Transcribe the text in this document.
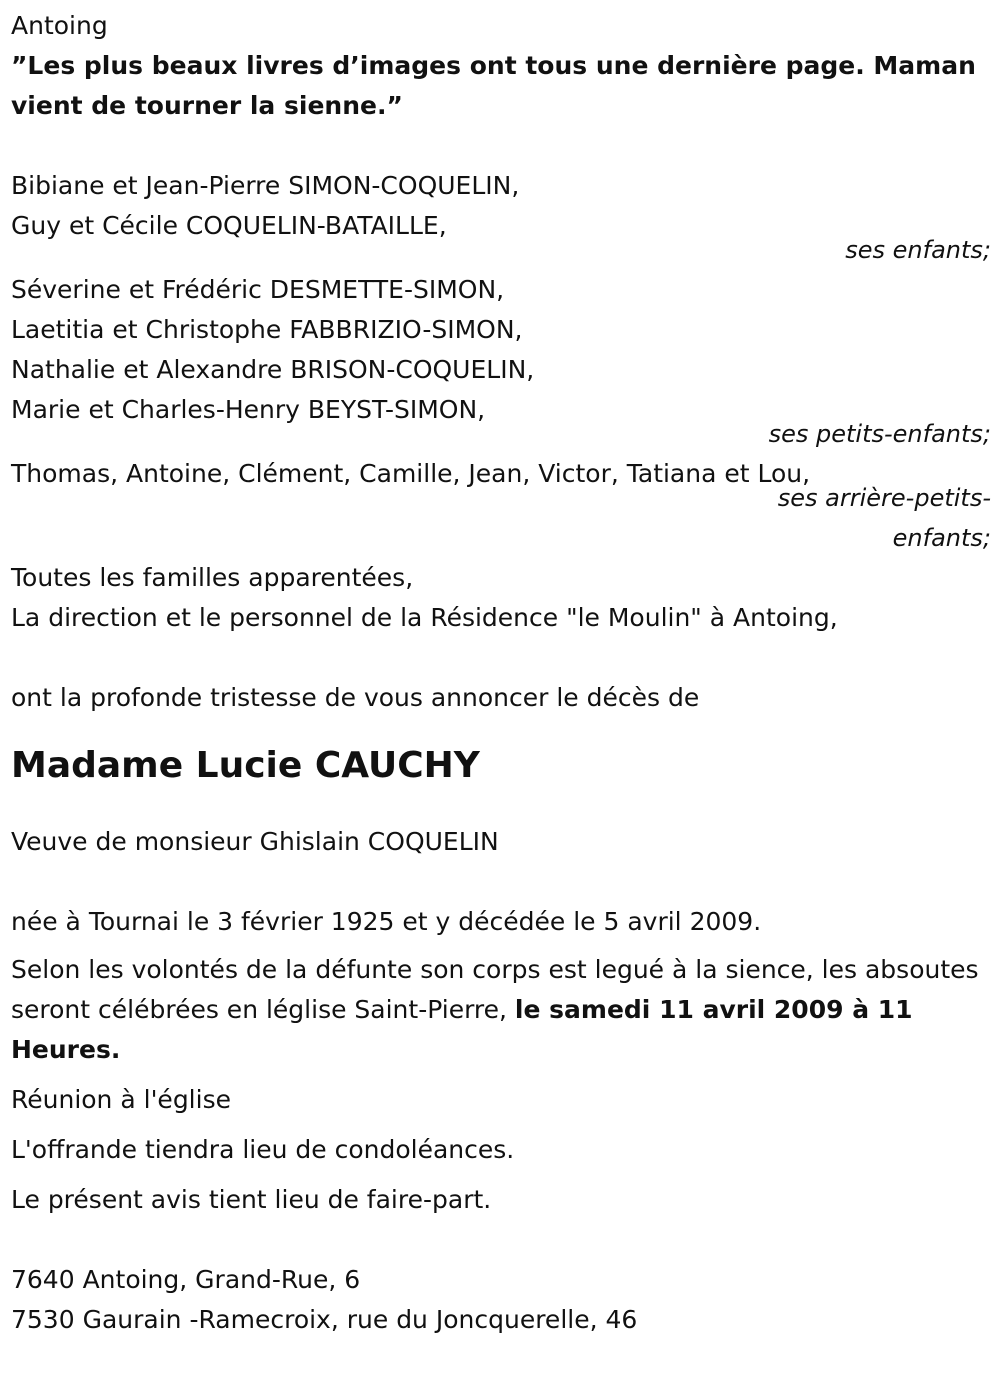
Antoing
”Les plus beaux livres d’images ont tous une dernière page. Maman vient de tourner la sienne.”
Bibiane et Jean-Pierre SIMON-COQUELIN,
Guy et Cécile COQUELIN-BATAILLE,
ses enfants;
Séverine et Frédéric DESMETTE-SIMON,
Laetitia et Christophe FABBRIZIO-SIMON,
Nathalie et Alexandre BRISON-COQUELIN,
Marie et Charles-Henry BEYST-SIMON,
ses petits-enfants;
Thomas, Antoine, Clément, Camille, Jean, Victor, Tatiana et Lou,
ses arrière-petits-
enfants;
Toutes les familles apparentées,
La direction et le personnel de la Résidence "le Moulin" à Antoing,
ont la profonde tristesse de vous annoncer le décès de
Madame Lucie CAUCHY
Veuve de monsieur Ghislain COQUELIN
née à Tournai le 3 février 1925 et y décédée le 5 avril 2009.
Selon les volontés de la défunte son corps est legué à la sience, les absoutes seront célébrées en léglise Saint-Pierre, le samedi 11 avril 2009 à 11 Heures.
Réunion à l'église
L'offrande tiendra lieu de condoléances.
Le présent avis tient lieu de faire-part.
7640 Antoing, Grand-Rue, 6
7530 Gaurain -Ramecroix, rue du Joncquerelle, 46
